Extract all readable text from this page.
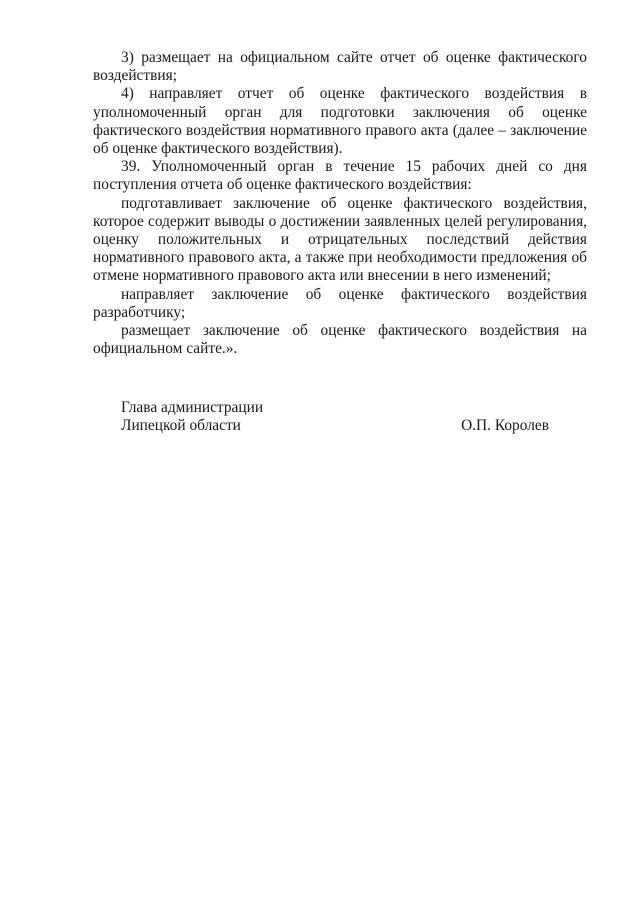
3) размещает на официальном сайте отчет об оценке фактического воздействия;

4) направляет отчет об оценке фактического воздействия в уполномоченный орган для подготовки заключения об оценке фактического воздействия нормативного правого акта (далее – заключение об оценке фактического воздействия).

39. Уполномоченный орган в течение 15 рабочих дней со дня поступления отчета об оценке фактического воздействия:

подготавливает заключение об оценке фактического воздействия, которое содержит выводы о достижении заявленных целей регулирования, оценку положительных и отрицательных последствий действия нормативного правового акта, а также при необходимости предложения об отмене нормативного правового акта или внесении в него изменений;

направляет заключение об оценке фактического воздействия разработчику;

размещает заключение об оценке фактического воздействия на официальном сайте.».

Глава администрации
Липецкой области	О.П. Королев
